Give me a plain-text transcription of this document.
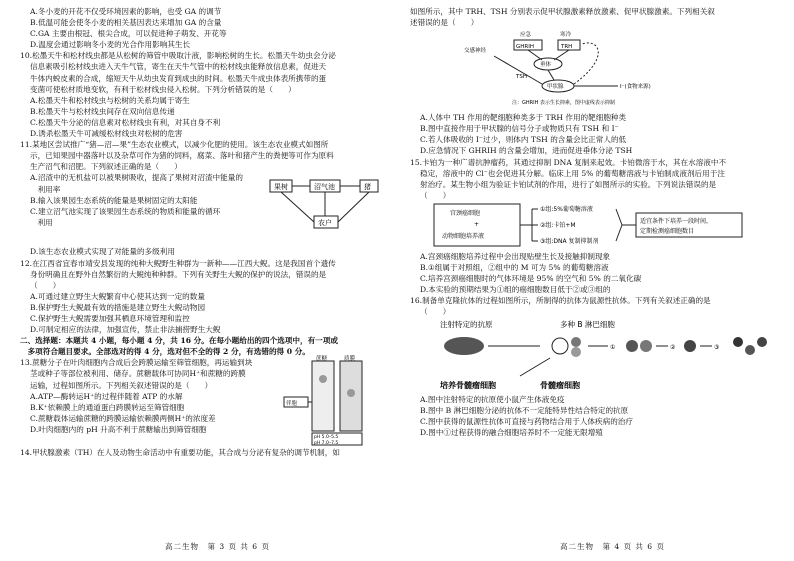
A.冬小麦的开花不仅受环境因素的影响，也受 GA 的调节

B.低温可能会使冬小麦的相关基因表达来增加 GA 的含量

C.GA 主要由根冠、根尖合成，可以促进种子萌发、开花等

D.温度会通过影响冬小麦的光合作用影响其生长

10.松墨天牛和松材线虫都是从松树的筛管中吸取汁液，影响松树的生长。松墨天牛幼虫会分泌

信息素吸引松材线虫进入天牛气管，寄生在天牛气管中的松材线虫能释放信息素，促进天

牛体内蜕皮素的合成，缩短天牛从幼虫发育到成虫的时间。松墨天牛成虫体表所携带的蛋

变菌可使松材质地变软，有利于松材线虫侵入松树。下列分析错误的是（　　）

A.松墨天牛和松材线虫与松树的关系均属于寄生

B.松墨天牛与松材线虫间存在双向信息传递

C.松墨天牛分泌的信息素对松材线虫有利，对其自身不利

D.诱杀松墨天牛可减缓松材线虫对松树的危害

11.某地区尝试推广“猪—沼—果”生态农业模式，以减少化肥的使用。该生态农业模式如图所

示，已知果园中器落叶以及杂草可作为猪的饲料，腐菜、落叶和猪产生的粪便等可作为原料

生产沼气和沼肥。下列叙述正确的是（　　）

A.沼渣中的无机盐可以被果树吸收，提高了果树对沼渣中能量的

　利用率

B.输入该果园生态系统的能量是果树固定的太阳能

C.建立沼气池实现了该果园生态系统的物质和能量的循环

　利用

果树	沼气池	猪
农户

D.该生态农业模式实现了对能量的多级利用

12.在江西省宜春市靖安县发现的纯种大鲵野生种群为一新种——江西大鲵。这是我国首个遗传

身份明确且在野外自然繁衍的大鲵纯种种群。下列有关野生大鲵的保护的说法，错误的是

（　　）

A.可通过建立野生大鲵繁育中心使其达到一定的数量

B.保护野生大鲵最有效的措施是建立野生大鲵动物园

C.保护野生大鲵需要加强其栖息环境管理和监控

D.可制定相应的法律，加强宣传，禁止非法捕捞野生大鲵

二、选择题：本题共 4 小题，每小题 4 分，共 16 分。在每小题给出的四个选项中，有一项或

　多项符合题目要求。全部选对的得 4 分，选对但不全的得 2 分，有选错的得 0 分。

13.蔗糖分子在叶肉细胞内合成后会跨膜运输至筛管细胞，再运输到块

茎或种子等部位被利用、储存。蔗糖载体可协同H⁺和蔗糖的跨膜

运输，过程如图所示。下列相关叙述错误的是（　　）

A.ATP—酶转运H⁺的过程伴随着 ATP 的水解

B.K⁺依赖膜上的通道蛋白跨膜转运至筛管细胞

C.蔗糖载体运输蔗糖的跨膜运输依赖膜两侧H⁺的浓度差

D.叶肉细胞内的 pH 升高不利于蔗糖输出到筛管细胞

蔗糖	质膜
伴胞
pH 5.0–5.5
pH 7.0–7.5

14.甲状腺激素（TH）在人及动物生命活动中有重要功能，其合成与分泌有复杂的调节机制，如

高二生物　第 3 页 共 6 页

如图所示，其中 TRH、TSH 分别表示促甲状腺激素释放激素、促甲状腺激素。下列相关叙

述错误的是（　　）

应急	寒冷
交感神经
GHRIH	TRH
垂体
TSH
甲状腺	I⁻(食物来源)
注：GHRIH 表示生长抑素，图中虚线表示抑制

A.人体中 TH 作用的靶细胞种类多于 TRH 作用的靶细胞种类

B.图中直接作用于甲状腺的信号分子或物质只有 TSH 和 I⁻

C.若人体吸收的 I⁻过少，则体内 TSH 的含量会比正常人的低

D.应急情况下 GHRIH 的含量会增加，进而促进垂体分泌 TSH

15.卡铂为一种广谱抗肿瘤药，其通过抑制 DNA 复制来起效。卡铂微溶于水，其在水溶液中不

稳定，溶液中的 Cl⁻也会促进其分解。临床上用 5% 的葡萄糖溶液与卡铂制成液剂后用于注

射治疗。某生物小组为验证卡铂试剂的作用，进行了如图所示的实验。下列说法错误的是

（　　）

宫颈癌细胞
+
动物细胞培养液
①组:5%葡萄糖溶液
②组:卡铂+M
③组:DNA 复制抑制剂
适宜条件下培养一段时间，
定期检测癌细胞数目

A.宫颈癌细胞培养过程中会出现贴壁生长及接触抑制现象

B.①组属于对照组，②组中的 M 可为 5% 的葡萄糖溶液

C.培养宫颈癌细胞时的气体环境是 95% 的空气和 5% 的二氧化碳

D.本实验的预期结果为①组的癌细胞数目低于②或③组的

16.制备单克隆抗体的过程如图所示，所制得的抗体为鼠源性抗体。下列有关叙述正确的是

（　　）

注射特定的抗原	多种 B 淋巴细胞
①	②	③
培养骨髓瘤细胞	骨髓瘤细胞

A.图中注射特定的抗原使小鼠产生体液免疫

B.图中 B 淋巴细胞分泌的抗体不一定能特异性结合特定的抗原

C.图中获得的鼠源性抗体可直接与药物结合用于人体疾病的治疗

D.图中①过程获得的融合细胞培养时不一定能无限增殖

高二生物　第 4 页 共 6 页
